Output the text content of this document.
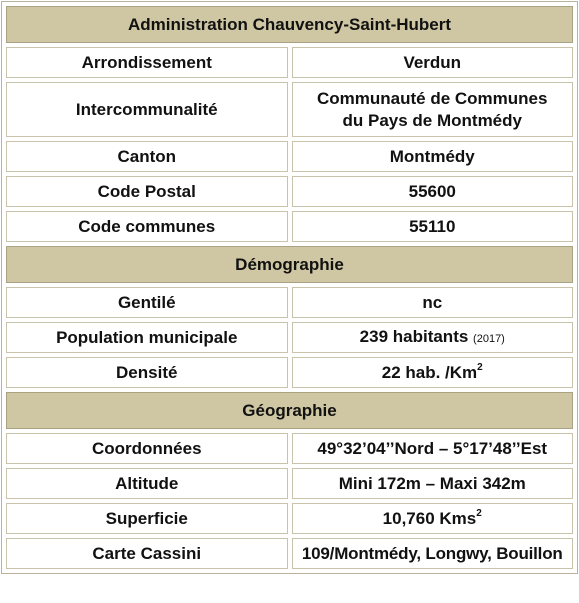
Administration Chauvency-Saint-Hubert	
Arrondissement	Verdun
Intercommunalité	Communauté de Communes
du Pays de Montmédy
Canton	Montmédy
Code Postal	55600
Code communes	55110
Démographie	
Gentilé	nc
Population municipale	239 habitants (2017)
Densité	22 hab. /Km$^2$
Géographie	
Coordonnées	49°32’04’’Nord – 5°17’48’’Est
Altitude	Mini 172m – Maxi 342m
Superficie	10,760 Kms$^2$
Carte Cassini	109/Montmédy, Longwy, Bouillon
